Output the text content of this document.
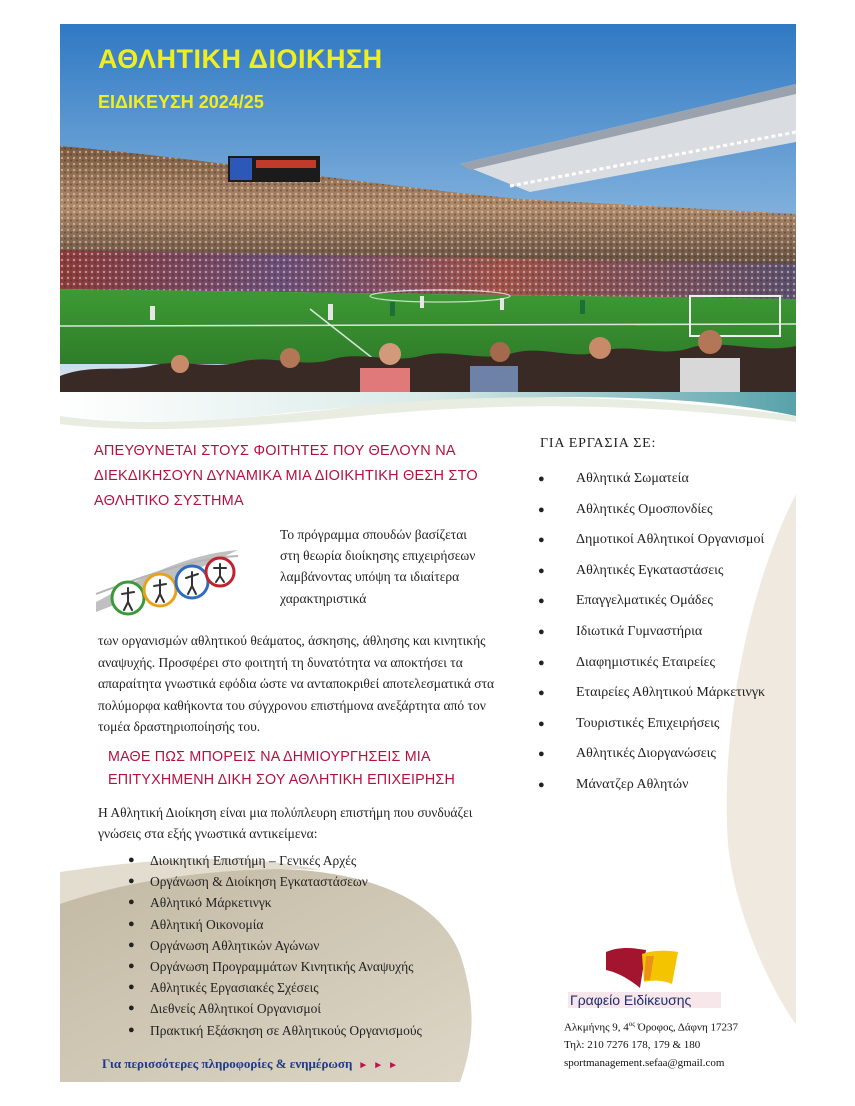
ΑΘΛΗΤΙΚΗ ΔΙΟΙΚΗΣΗ
ΕΙΔΙΚΕΥΣΗ 2024/25

ΑΠΕΥΘΥΝΕΤΑΙ ΣΤΟΥΣ ΦΟΙΤΗΤΕΣ ΠΟΥ ΘΕΛΟΥΝ ΝΑ ΔΙΕΚΔΙΚΗΣΟΥΝ ΔΥΝΑΜΙΚΑ ΜΙΑ ΔΙΟΙΚΗΤΙΚΗ ΘΕΣΗ ΣΤΟ ΑΘΛΗΤΙΚΟ ΣΥΣΤΗΜΑ

Το πρόγραμμα σπουδών βασίζεται στη θεωρία διοίκησης επιχειρήσεων λαμβάνοντας υπόψη τα ιδιαίτερα χαρακτηριστικά

των οργανισμών αθλητικού θεάματος, άσκησης, άθλησης και κινητικής αναψυχής. Προσφέρει στο φοιτητή τη δυνατότητα να αποκτήσει τα απαραίτητα γνωστικά εφόδια ώστε να ανταποκριθεί αποτελεσματικά στα πολύμορφα καθήκοντα του σύγχρονου επιστήμονα ανεξάρτητα από τον τομέα δραστηριοποίησής του.

ΜΑΘΕ ΠΩΣ ΜΠΟΡΕΙΣ ΝΑ ΔΗΜΙΟΥΡΓΗΣΕΙΣ ΜΙΑ ΕΠΙΤΥΧΗΜΕΝΗ ΔΙΚΗ ΣΟΥ ΑΘΛΗΤΙΚΗ ΕΠΙΧΕΙΡΗΣΗ

Η Αθλητική Διοίκηση είναι μια πολύπλευρη επιστήμη που συνδυάζει γνώσεις στα εξής γνωστικά αντικείμενα:

● Διοικητική Επιστήμη – Γενικές Αρχές
● Οργάνωση & Διοίκηση Εγκαταστάσεων
● Αθλητικό Μάρκετινγκ
● Αθλητική Οικονομία
● Οργάνωση Αθλητικών Αγώνων
● Οργάνωση Προγραμμάτων Κινητικής Αναψυχής
● Αθλητικές Εργασιακές Σχέσεις
● Διεθνείς Αθλητικοί Οργανισμοί
● Πρακτική Εξάσκηση σε Αθλητικούς Οργανισμούς

Για περισσότερες πληροφορίες & ενημέρωση ►►►

ΓΙΑ ΕΡΓΑΣΙΑ ΣΕ:

● Αθλητικά Σωματεία
● Αθλητικές Ομοσπονδίες
● Δημοτικοί Αθλητικοί Οργανισμοί
● Αθλητικές Εγκαταστάσεις
● Επαγγελματικές Ομάδες
● Ιδιωτικά Γυμναστήρια
● Διαφημιστικές Εταιρείες
● Εταιρείες Αθλητικού Μάρκετινγκ
● Τουριστικές Επιχειρήσεις
● Αθλητικές Διοργανώσεις
● Μάνατζερ Αθλητών

Γραφείο Ειδίκευσης

Αλκμήνης 9, $4^{o\varsigma}$ Όροφος, Δάφνη 17237

Τηλ: 210 7276 178, 179 & 180

sportmanagement.sefaa@gmail.com
